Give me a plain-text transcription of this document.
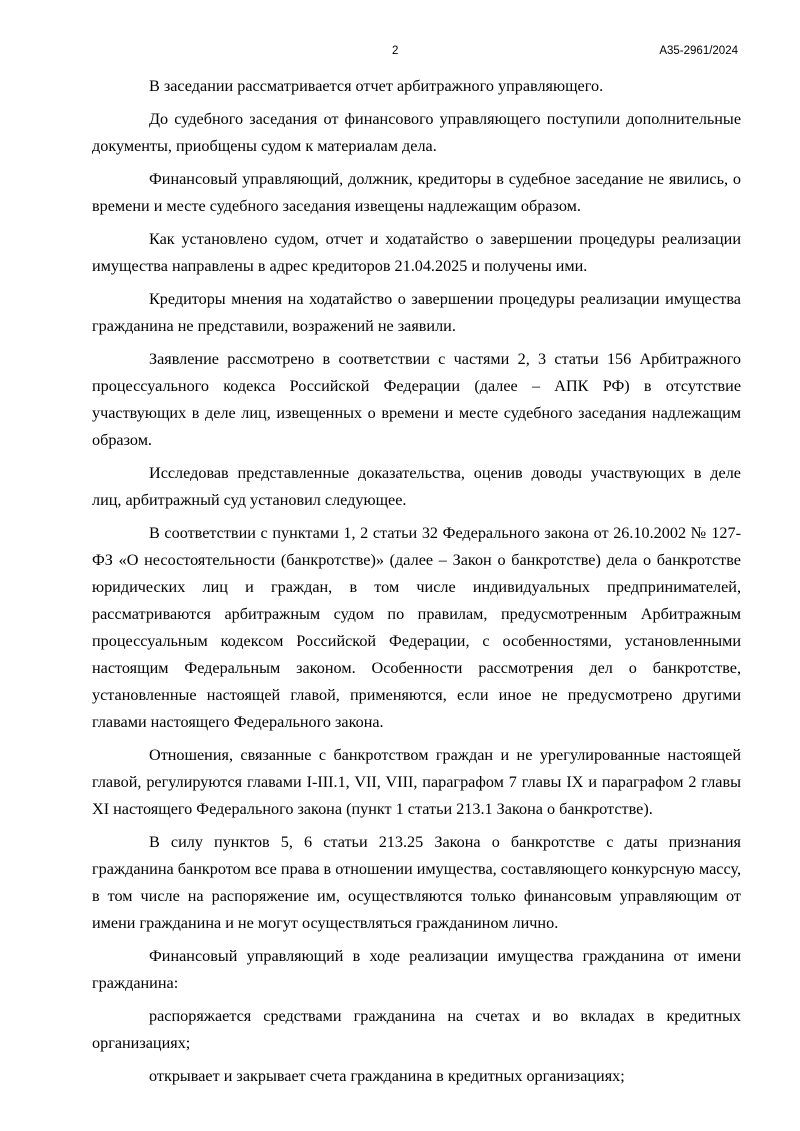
2	А35-2961/2024

В заседании рассматривается отчет арбитражного управляющего.

До судебного заседания от финансового управляющего поступили дополнительные документы, приобщены судом к материалам дела.

Финансовый управляющий, должник, кредиторы в судебное заседание не явились, о времени и месте судебного заседания извещены надлежащим образом.

Как установлено судом, отчет и ходатайство о завершении процедуры реализации имущества направлены в адрес кредиторов 21.04.2025 и получены ими.

Кредиторы мнения на ходатайство о завершении процедуры реализации имущества гражданина не представили, возражений не заявили.

Заявление рассмотрено в соответствии с частями 2, 3 статьи 156 Арбитражного процессуального кодекса Российской Федерации (далее – АПК РФ) в отсутствие участвующих в деле лиц, извещенных о времени и месте судебного заседания надлежащим образом.

Исследовав представленные доказательства, оценив доводы участвующих в деле лиц, арбитражный суд установил следующее.

В соответствии с пунктами 1, 2 статьи 32 Федерального закона от 26.10.2002 № 127-ФЗ «О несостоятельности (банкротстве)» (далее – Закон о банкротстве) дела о банкротстве юридических лиц и граждан, в том числе индивидуальных предпринимателей, рассматриваются арбитражным судом по правилам, предусмотренным Арбитражным процессуальным кодексом Российской Федерации, с особенностями, установленными настоящим Федеральным законом. Особенности рассмотрения дел о банкротстве, установленные настоящей главой, применяются, если иное не предусмотрено другими главами настоящего Федерального закона.

Отношения, связанные с банкротством граждан и не урегулированные настоящей главой, регулируются главами I-III.1, VII, VIII, параграфом 7 главы IX и параграфом 2 главы XI настоящего Федерального закона (пункт 1 статьи 213.1 Закона о банкротстве).

В силу пунктов 5, 6 статьи 213.25 Закона о банкротстве с даты признания гражданина банкротом все права в отношении имущества, составляющего конкурсную массу, в том числе на распоряжение им, осуществляются только финансовым управляющим от имени гражданина и не могут осуществляться гражданином лично.

Финансовый управляющий в ходе реализации имущества гражданина от имени гражданина:

распоряжается средствами гражданина на счетах и во вкладах в кредитных организациях;

открывает и закрывает счета гражданина в кредитных организациях;
